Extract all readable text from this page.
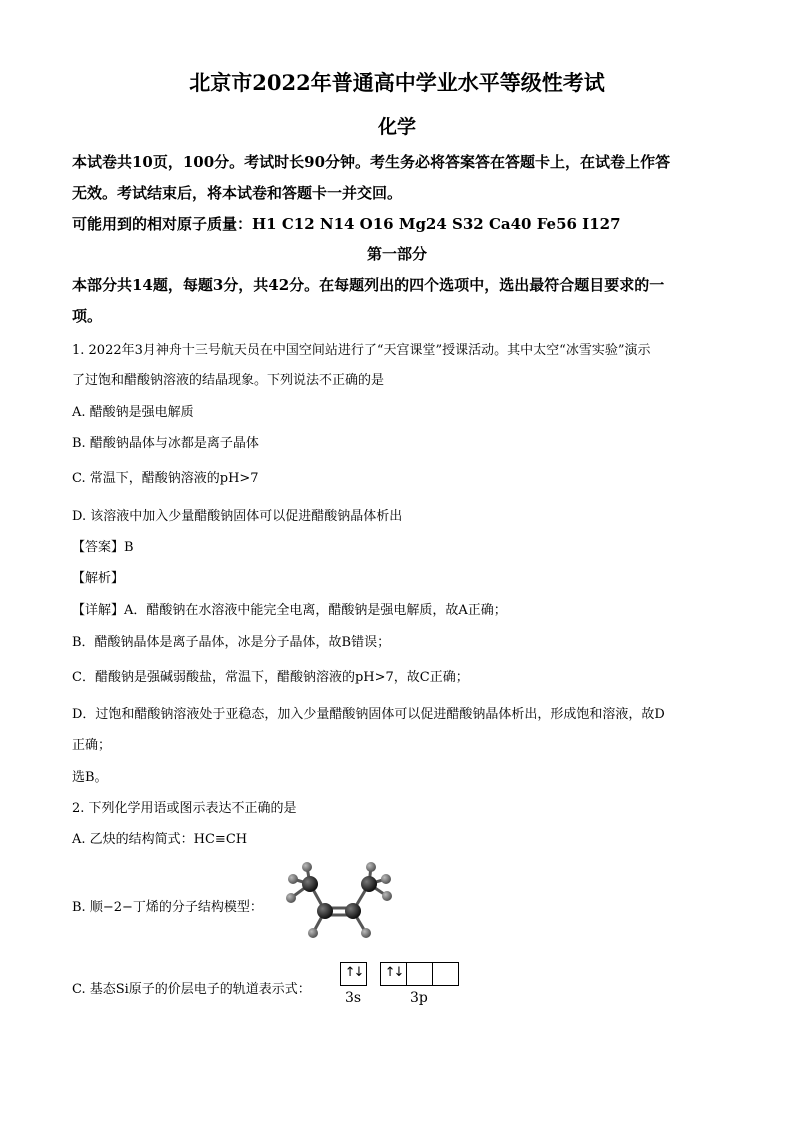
北京市2022年普通高中学业水平等级性考试
化学
本试卷共10页，100分。考试时长90分钟。考生务必将答案答在答题卡上，在试卷上作答
无效。考试结束后，将本试卷和答题卡一并交回。
可能用到的相对原子质量：H1 C12 N14 O16 Mg24 S32 Ca40 Fe56 I127
第一部分
本部分共14题，每题3分，共42分。在每题列出的四个选项中，选出最符合题目要求的一
项。
1. 2022年3月神舟十三号航天员在中国空间站进行了“天宫课堂”授课活动。其中太空“冰雪实验”演示
了过饱和醋酸钠溶液的结晶现象。下列说法不正确的是
A. 醋酸钠是强电解质
B. 醋酸钠晶体与冰都是离子晶体
C. 常温下，醋酸钠溶液的pH>7
D. 该溶液中加入少量醋酸钠固体可以促进醋酸钠晶体析出
【答案】B
【解析】
【详解】A．醋酸钠在水溶液中能完全电离，醋酸钠是强电解质，故A正确；
B．醋酸钠晶体是离子晶体，冰是分子晶体，故B错误；
C．醋酸钠是强碱弱酸盐，常温下，醋酸钠溶液的pH>7，故C正确；
D．过饱和醋酸钠溶液处于亚稳态，加入少量醋酸钠固体可以促进醋酸钠晶体析出，形成饱和溶液，故D
正确；
选B。
2. 下列化学用语或图示表达不正确的是
A. 乙炔的结构简式：HC≡CH
B. 顺−2−丁烯的分子结构模型：
C. 基态Si原子的价层电子的轨道表示式：
↑↓ ↑↓
3s	3p
